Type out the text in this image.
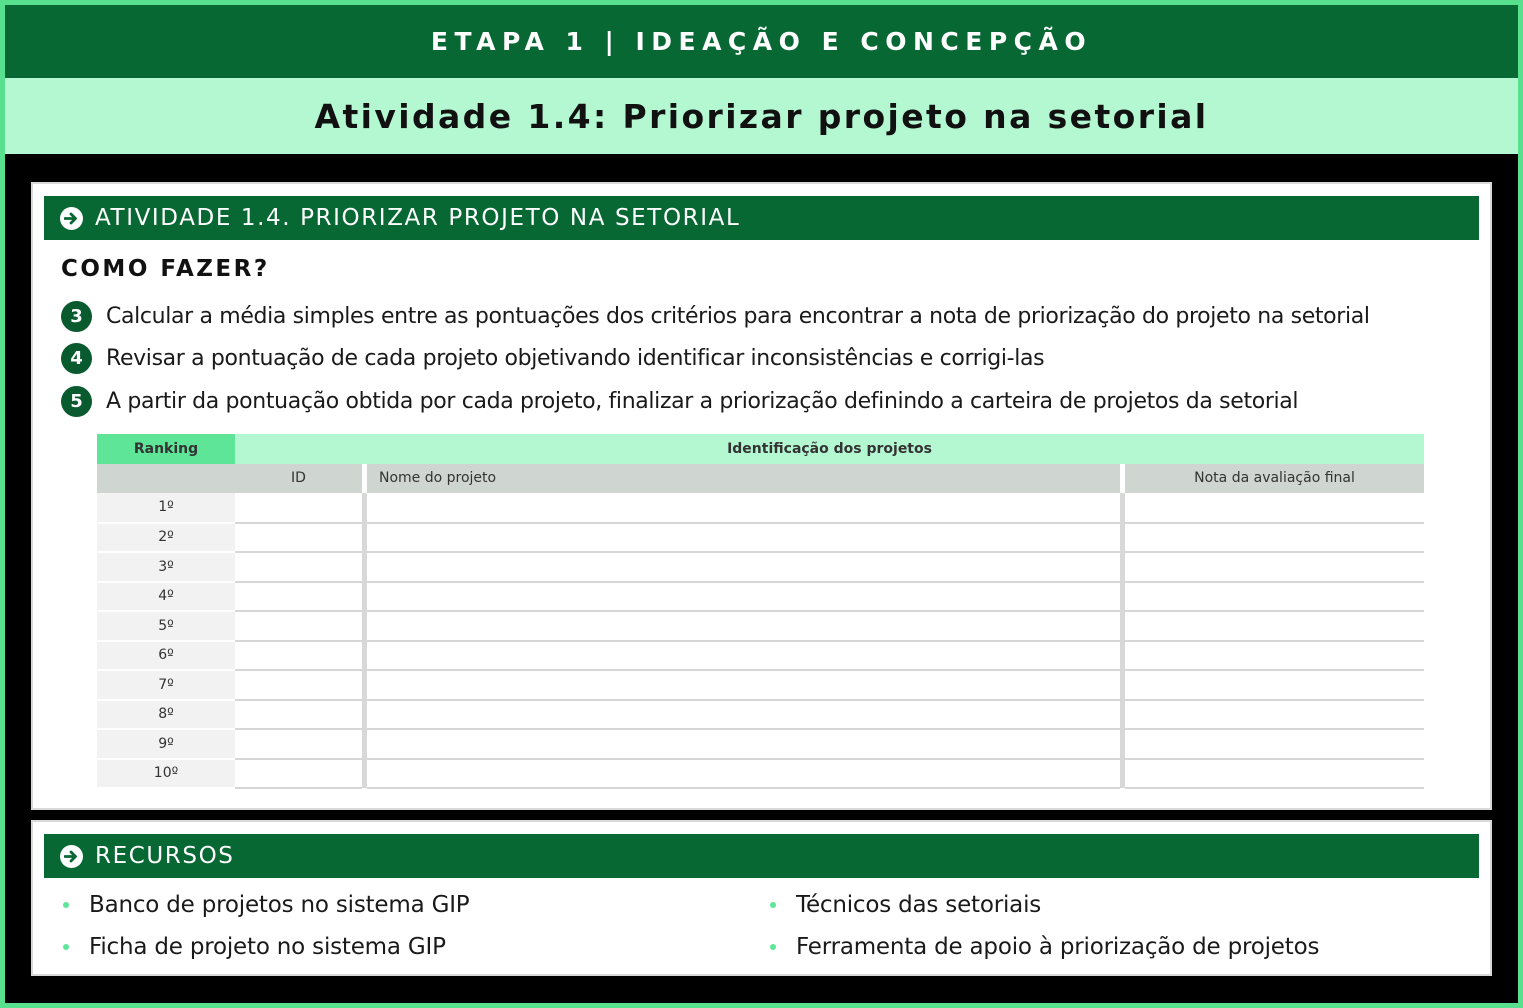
ETAPA 1 | IDEAÇÃO E CONCEPÇÃO
Atividade 1.4: Priorizar projeto na setorial
ATIVIDADE 1.4. PRIORIZAR PROJETO NA SETORIAL
COMO FAZER?
3	Calcular a média simples entre as pontuações dos critérios para encontrar a nota de priorização do projeto na setorial
4	Revisar a pontuação de cada projeto objetivando identificar inconsistências e corrigi-las
5	A partir da pontuação obtida por cada projeto, finalizar a priorização definindo a carteira de projetos da setorial
Ranking	Identificação dos projetos				
	ID		Nome do projeto		Nota da avaliação final
1º					
2º					
3º					
4º					
5º					
6º					
7º					
8º					
9º					
10º					
RECURSOS
Banco de projetos no sistema GIP
Ficha de projeto no sistema GIP
Técnicos das setoriais
Ferramenta de apoio à priorização de projetos
